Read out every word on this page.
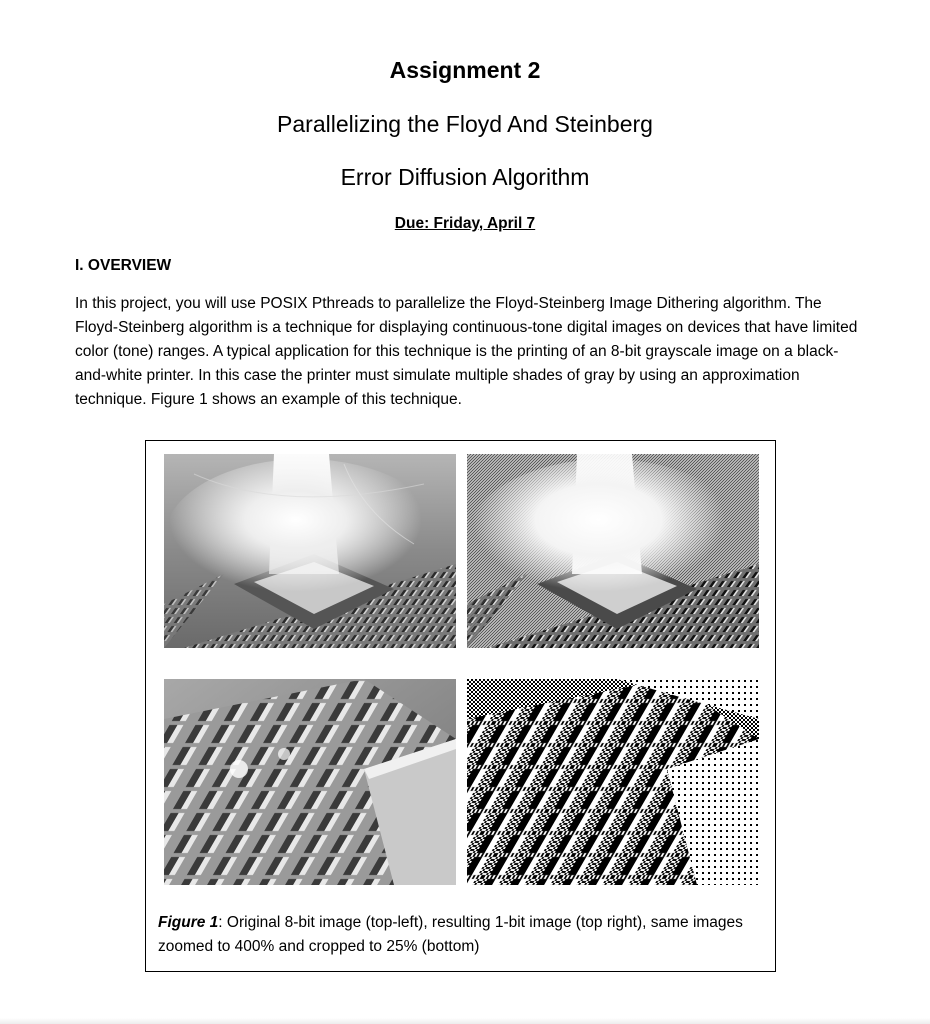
Assignment 2
Parallelizing the Floyd And Steinberg
Error Diffusion Algorithm
Due: Friday, April 7
I. OVERVIEW
In this project, you will use POSIX Pthreads to parallelize the Floyd-Steinberg Image Dithering algorithm. The Floyd-Steinberg algorithm is a technique for displaying continuous-tone digital images on devices that have limited color (tone) ranges. A typical application for this technique is the printing of an 8-bit grayscale image on a black-and-white printer. In this case the printer must simulate multiple shades of gray by using an approximation technique. Figure 1 shows an example of this technique.
Figure 1: Original 8-bit image (top-left), resulting 1-bit image (top right), same images zoomed to 400% and cropped to 25% (bottom)
